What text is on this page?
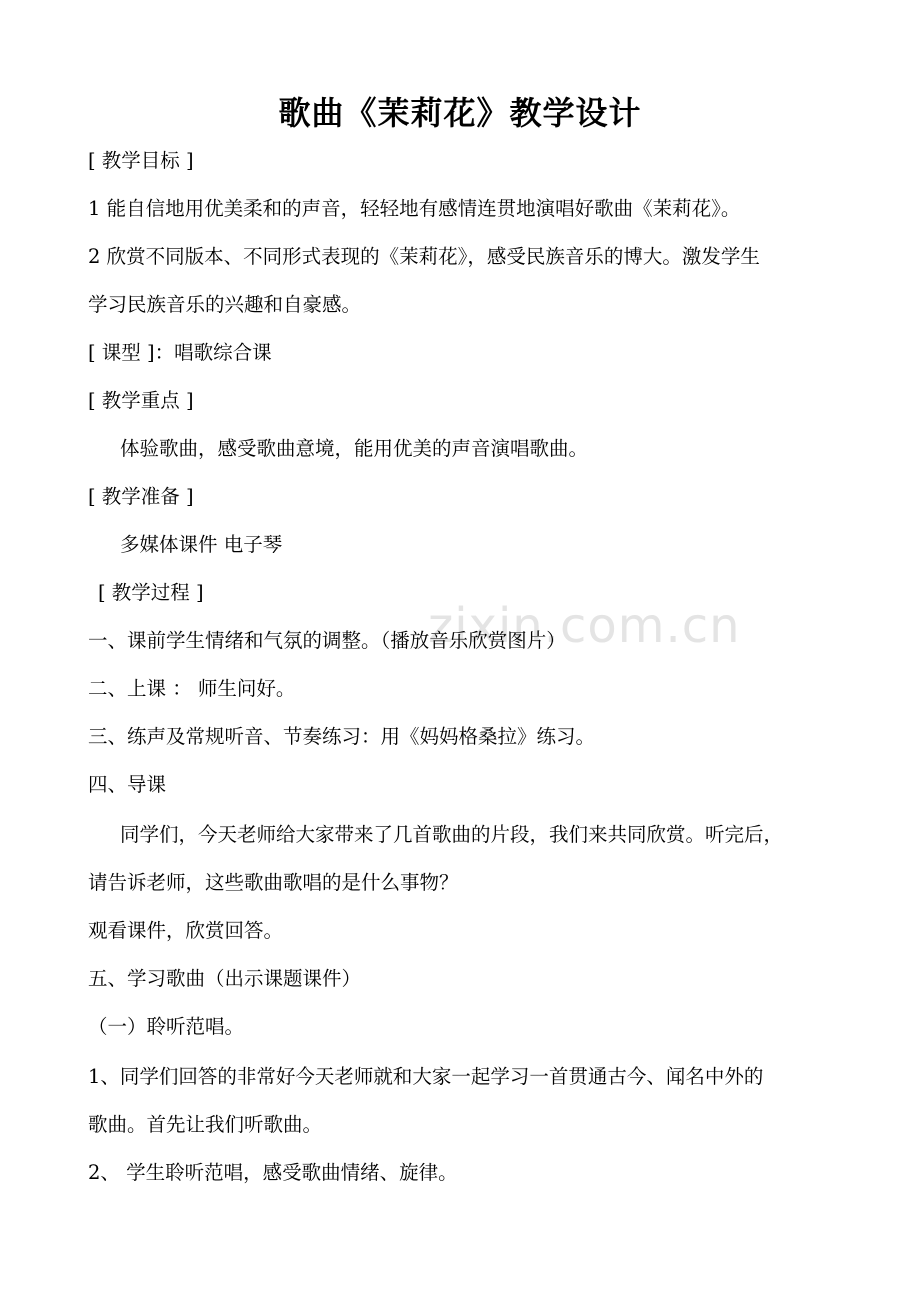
zixin.com.cn
歌曲《茉莉花》教学设计
[ 教学目标 ]
1 能自信地用优美柔和的声音，轻轻地有感情连贯地演唱好歌曲《茉莉花》。
2 欣赏不同版本、不同形式表现的《茉莉花》，感受民族音乐的博大。激发学生
学习民族音乐的兴趣和自豪感。
[ 课型 ]：唱歌综合课
[ 教学重点 ]
体验歌曲，感受歌曲意境，能用优美的声音演唱歌曲。
[ 教学准备 ]
多媒体课件 电子琴
[ 教学过程 ]
一、课前学生情绪和气氛的调整。（播放音乐欣赏图片）
二、上课 ： 师生问好。
三、练声及常规听音、节奏练习：用《妈妈格桑拉》练习。
四、导课
同学们，今天老师给大家带来了几首歌曲的片段，我们来共同欣赏。听完后，
请告诉老师，这些歌曲歌唱的是什么事物？
观看课件，欣赏回答。
五、学习歌曲（出示课题课件）
（一）聆听范唱。
1、同学们回答的非常好今天老师就和大家一起学习一首贯通古今、闻名中外的
歌曲。首先让我们听歌曲。
2、 学生聆听范唱，感受歌曲情绪、旋律。
